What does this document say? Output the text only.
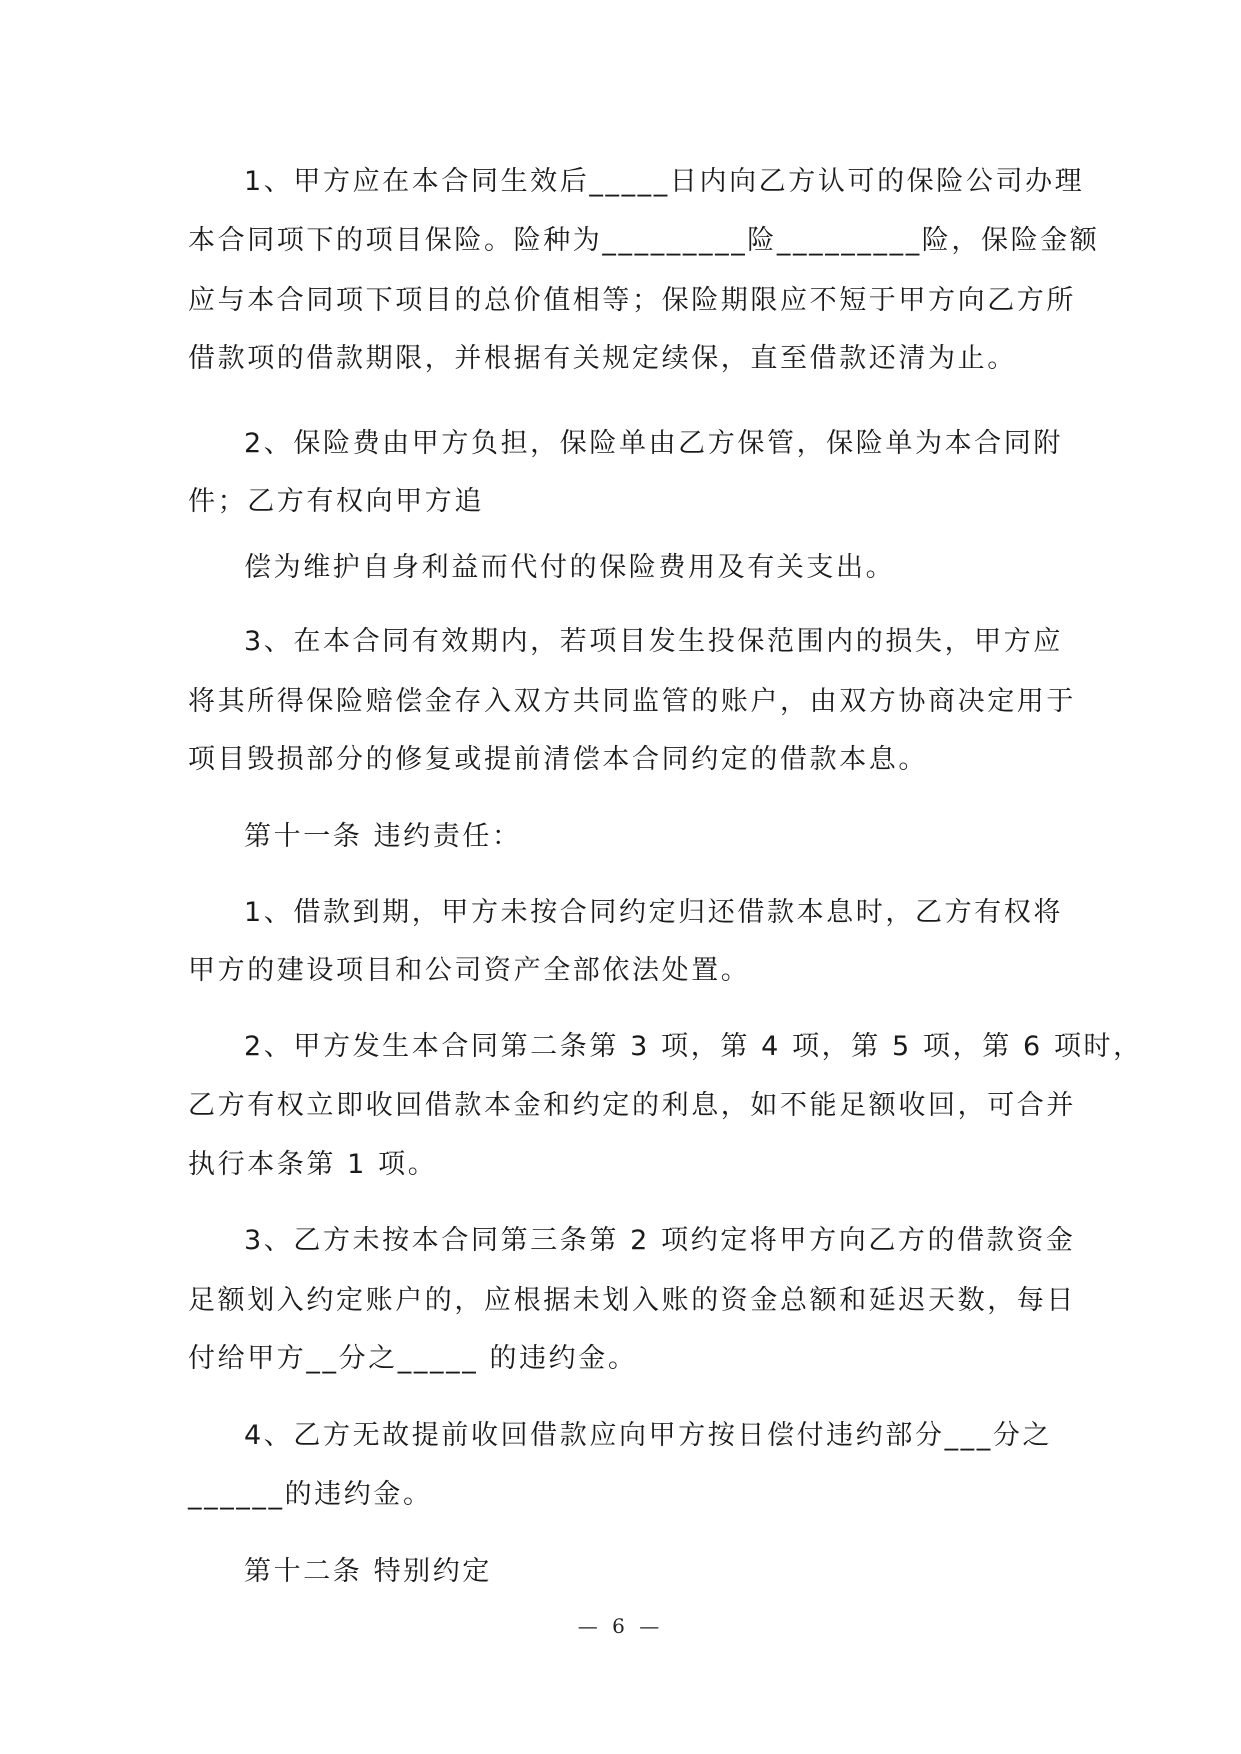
1、甲方应在本合同生效后_____日内向乙方认可的保险公司办理
本合同项下的项目保险。险种为_________险_________险，保险金额
应与本合同项下项目的总价值相等；保险期限应不短于甲方向乙方所
借款项的借款期限，并根据有关规定续保，直至借款还清为止。
2、保险费由甲方负担，保险单由乙方保管，保险单为本合同附
件；乙方有权向甲方追
偿为维护自身利益而代付的保险费用及有关支出。
3、在本合同有效期内，若项目发生投保范围内的损失，甲方应
将其所得保险赔偿金存入双方共同监管的账户，由双方协商决定用于
项目毁损部分的修复或提前清偿本合同约定的借款本息。
第十一条 违约责任：
1、借款到期，甲方未按合同约定归还借款本息时，乙方有权将
甲方的建设项目和公司资产全部依法处置。
2、甲方发生本合同第二条第 3 项，第 4 项，第 5 项，第 6 项时，
乙方有权立即收回借款本金和约定的利息，如不能足额收回，可合并
执行本条第 1 项。
3、乙方未按本合同第三条第 2 项约定将甲方向乙方的借款资金
足额划入约定账户的，应根据未划入账的资金总额和延迟天数，每日
付给甲方__分之_____ 的违约金。
4、乙方无故提前收回借款应向甲方按日偿付违约部分___分之
______的违约金。
第十二条 特别约定
— 6 —
